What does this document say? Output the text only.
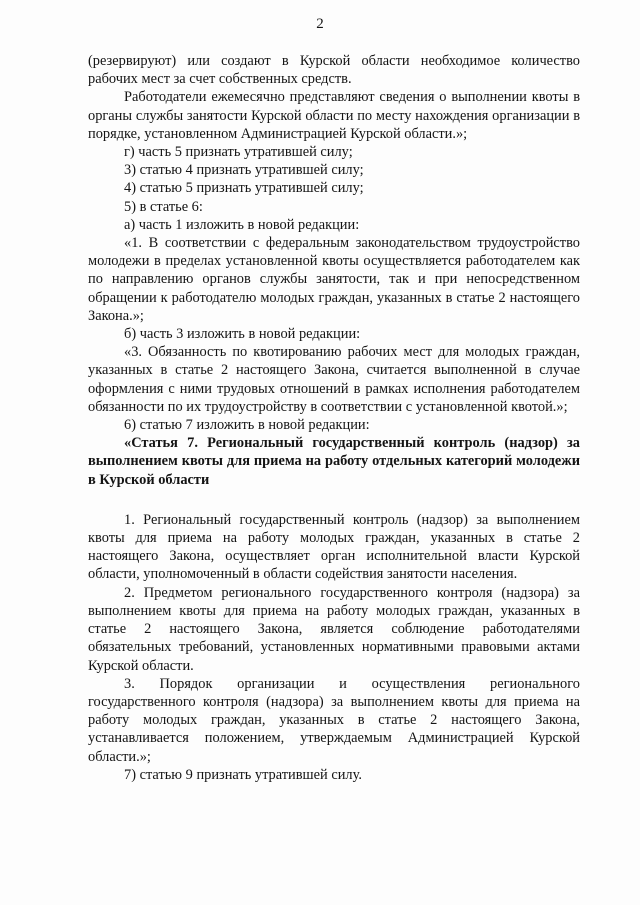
2

(резервируют) или создают в Курской области необходимое количество рабочих мест за счет собственных средств.

Работодатели ежемесячно представляют сведения о выполнении квоты в органы службы занятости Курской области по месту нахождения организации в порядке, установленном Администрацией Курской области.»;

г) часть 5 признать утратившей силу;

3) статью 4 признать утратившей силу;

4) статью 5 признать утратившей силу;

5) в статье 6:

а) часть 1 изложить в новой редакции:

«1. В соответствии с федеральным законодательством трудоустройство молодежи в пределах установленной квоты осуществляется работодателем как по направлению органов службы занятости, так и при непосредственном обращении к работодателю молодых граждан, указанных в статье 2 настоящего Закона.»;

б) часть 3 изложить в новой редакции:

«3. Обязанность по квотированию рабочих мест для молодых граждан, указанных в статье 2 настоящего Закона, считается выполненной в случае оформления с ними трудовых отношений в рамках исполнения работодателем обязанности по их трудоустройству в соответствии с установленной квотой.»;

6) статью 7 изложить в новой редакции:

«Статья 7. Региональный государственный контроль (надзор) за выполнением квоты для приема на работу отдельных категорий молодежи в Курской области

1. Региональный государственный контроль (надзор) за выполнением квоты для приема на работу молодых граждан, указанных в статье 2 настоящего Закона, осуществляет орган исполнительной власти Курской области, уполномоченный в области содействия занятости населения.

2. Предметом регионального государственного контроля (надзора) за выполнением квоты для приема на работу молодых граждан, указанных в статье 2 настоящего Закона, является соблюдение работодателями обязательных требований, установленных нормативными правовыми актами Курской области.

3. Порядок организации и осуществления регионального государственного контроля (надзора) за выполнением квоты для приема на работу молодых граждан, указанных в статье 2 настоящего Закона, устанавливается положением, утверждаемым Администрацией Курской области.»;

7) статью 9 признать утратившей силу.
